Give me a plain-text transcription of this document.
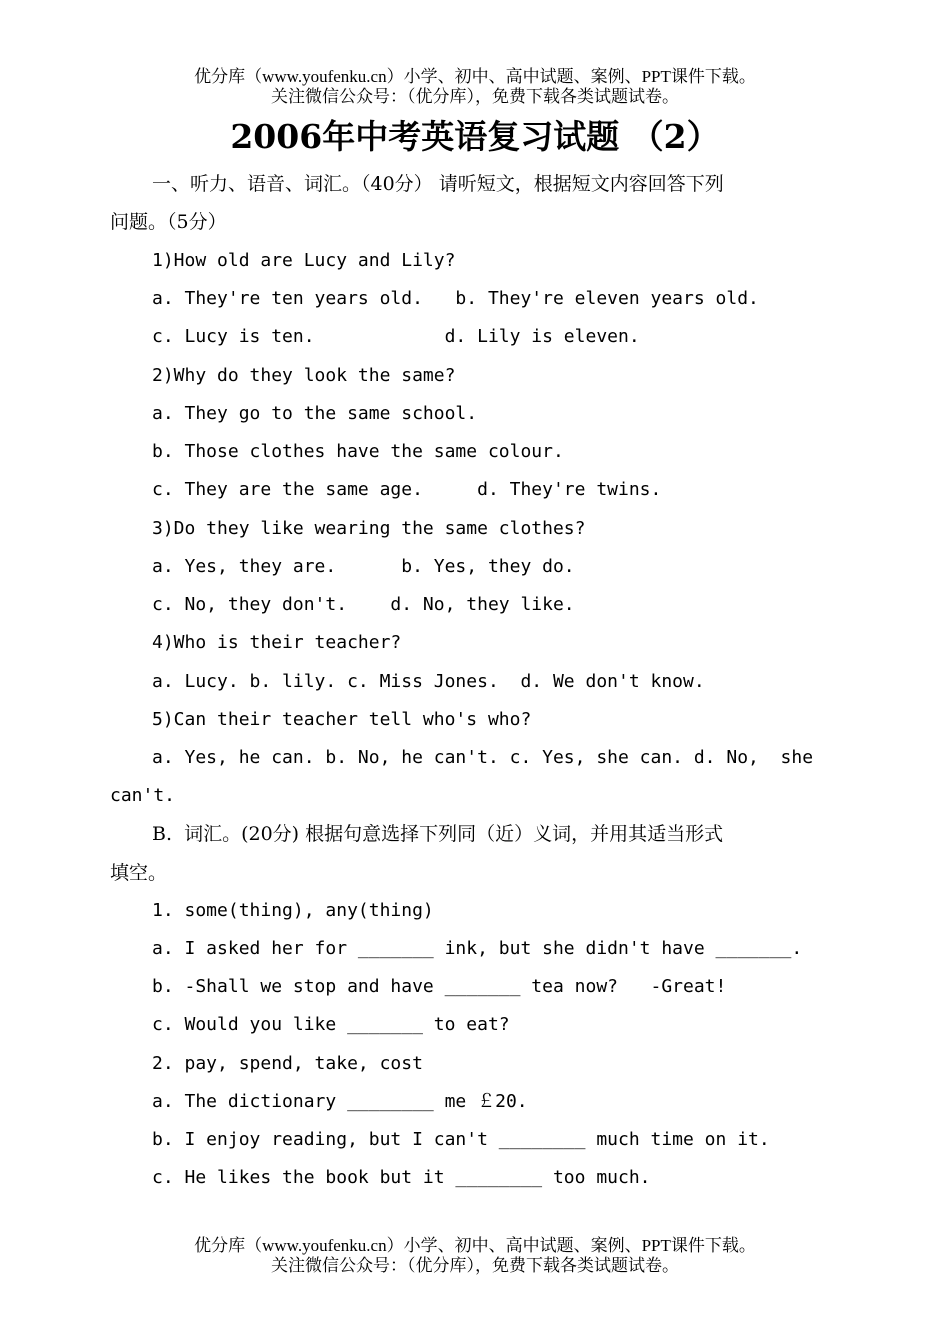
优分库（www.youfenku.cn）小学、初中、高中试题、案例、PPT课件下载。
关注微信公众号：（优分库），免费下载各类试题试卷。
2006年中考英语复习试题 （2）
一、听力、语音、词汇。（40分） 请听短文，根据短文内容回答下列
问题。（5分）
1)How old are Lucy and Lily?
a. They're ten years old.   b. They're eleven years old.
c. Lucy is ten.            d. Lily is eleven.
2)Why do they look the same?
a. They go to the same school.
b. Those clothes have the same colour.
c. They are the same age.     d. They're twins.
3)Do they like wearing the same clothes?
a. Yes, they are.      b. Yes, they do.
c. No, they don't.    d. No, they like.
4)Who is their teacher?
a. Lucy. b. lily. c. Miss Jones.  d. We don't know.
5)Can their teacher tell who's who?
a. Yes, he can. b. No, he can't. c. Yes, she can. d. No,  she
can't.
B.  词汇。(20分) 根据句意选择下列同（近）义词，并用其适当形式
填空。
1. some(thing), any(thing)
a. I asked her for _______ ink, but she didn't have _______.
b. -Shall we stop and have _______ tea now?   -Great!
c. Would you like _______ to eat?
2. pay, spend, take, cost
a. The dictionary ________ me ￡20.
b. I enjoy reading, but I can't ________ much time on it.
c. He likes the book but it ________ too much.
优分库（www.youfenku.cn）小学、初中、高中试题、案例、PPT课件下载。
关注微信公众号：（优分库），免费下载各类试题试卷。
